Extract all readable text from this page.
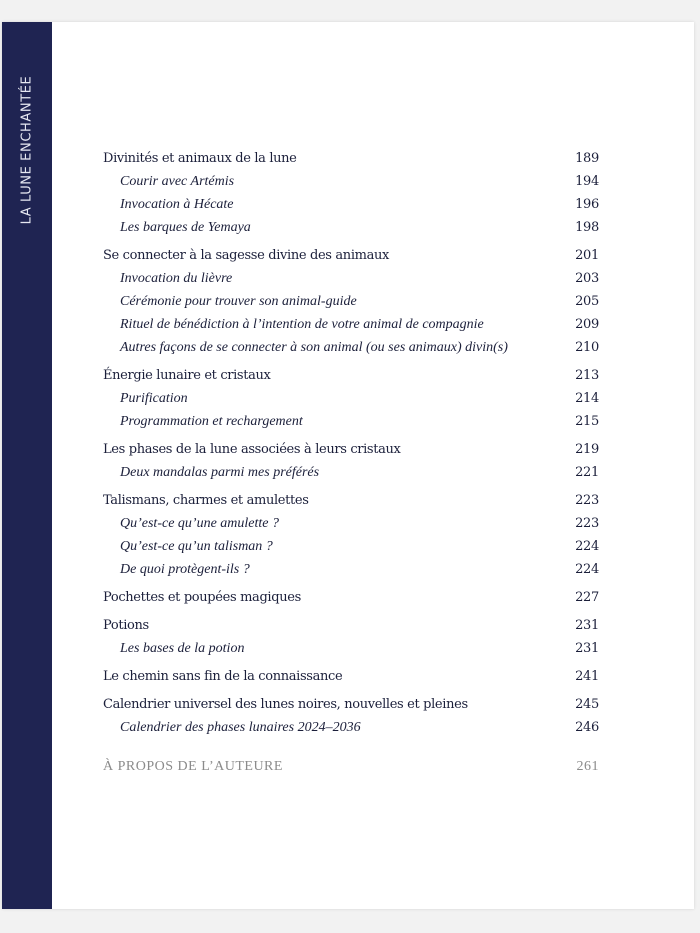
LA LUNE ENCHANTÉE	Divinités et animaux de la lune	189
Courir avec Artémis	194
Invocation à Hécate	196
Les barques de Yemaya	198
Se connecter à la sagesse divine des animaux	201
Invocation du lièvre	203
Cérémonie pour trouver son animal-guide	205
Rituel de bénédiction à l’intention de votre animal de compagnie	209
Autres façons de se connecter à son animal (ou ses animaux) divin(s)	210
Énergie lunaire et cristaux	213
Purification	214
Programmation et rechargement	215
Les phases de la lune associées à leurs cristaux	219
Deux mandalas parmi mes préférés	221
Talismans, charmes et amulettes	223
Qu’est-ce qu’une amulette ?	223
Qu’est-ce qu’un talisman ?	224
De quoi protègent-ils ?	224
Pochettes et poupées magiques	227
Potions	231
Les bases de la potion	231
Le chemin sans fin de la connaissance	241
Calendrier universel des lunes noires, nouvelles et pleines	245
Calendrier des phases lunaires 2024–2036	246
À PROPOS DE L’AUTEURE	261
